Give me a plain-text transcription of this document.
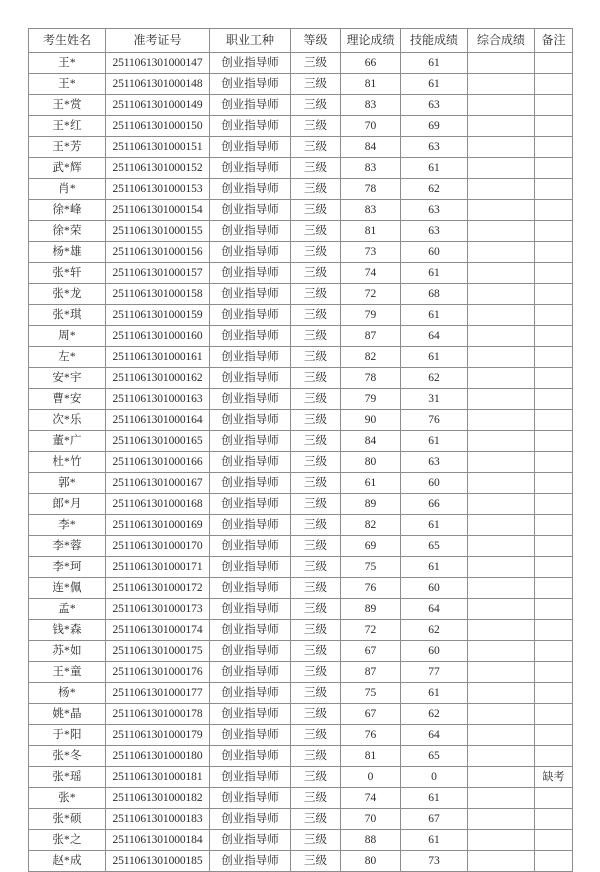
考生姓名	准考证号	职业工种	等级	理论成绩	技能成绩	综合成绩	备注
王*	2511061301000147	创业指导师	三级	66	61		
王*	2511061301000148	创业指导师	三级	81	61		
王*赏	2511061301000149	创业指导师	三级	83	63		
王*红	2511061301000150	创业指导师	三级	70	69		
王*芳	2511061301000151	创业指导师	三级	84	63		
武*辉	2511061301000152	创业指导师	三级	83	61		
肖*	2511061301000153	创业指导师	三级	78	62		
徐*峰	2511061301000154	创业指导师	三级	83	63		
徐*荣	2511061301000155	创业指导师	三级	81	63		
杨*雄	2511061301000156	创业指导师	三级	73	60		
张*轩	2511061301000157	创业指导师	三级	74	61		
张*龙	2511061301000158	创业指导师	三级	72	68		
张*琪	2511061301000159	创业指导师	三级	79	61		
周*	2511061301000160	创业指导师	三级	87	64		
左*	2511061301000161	创业指导师	三级	82	61		
安*宇	2511061301000162	创业指导师	三级	78	62		
曹*安	2511061301000163	创业指导师	三级	79	31		
次*乐	2511061301000164	创业指导师	三级	90	76		
董*广	2511061301000165	创业指导师	三级	84	61		
杜*竹	2511061301000166	创业指导师	三级	80	63		
郭*	2511061301000167	创业指导师	三级	61	60		
郎*月	2511061301000168	创业指导师	三级	89	66		
李*	2511061301000169	创业指导师	三级	82	61		
李*蓉	2511061301000170	创业指导师	三级	69	65		
李*珂	2511061301000171	创业指导师	三级	75	61		
连*佩	2511061301000172	创业指导师	三级	76	60		
孟*	2511061301000173	创业指导师	三级	89	64		
钱*森	2511061301000174	创业指导师	三级	72	62		
苏*如	2511061301000175	创业指导师	三级	67	60		
王*童	2511061301000176	创业指导师	三级	87	77		
杨*	2511061301000177	创业指导师	三级	75	61		
姚*晶	2511061301000178	创业指导师	三级	67	62		
于*阳	2511061301000179	创业指导师	三级	76	64		
张*冬	2511061301000180	创业指导师	三级	81	65		
张*瑶	2511061301000181	创业指导师	三级	0	0		缺考
张*	2511061301000182	创业指导师	三级	74	61		
张*硕	2511061301000183	创业指导师	三级	70	67		
张*之	2511061301000184	创业指导师	三级	88	61		
赵*成	2511061301000185	创业指导师	三级	80	73		
